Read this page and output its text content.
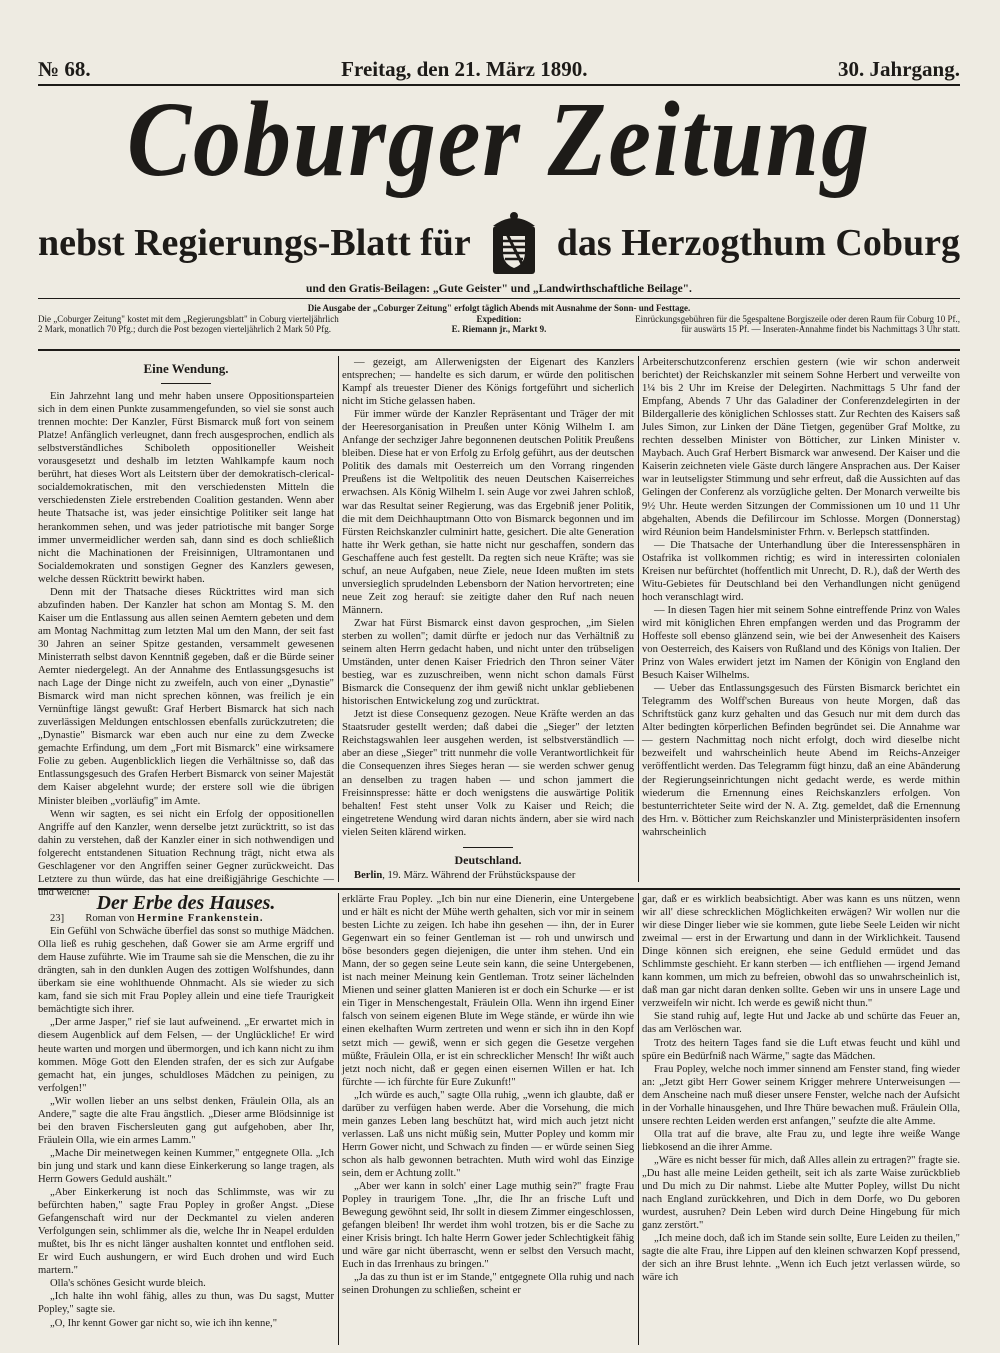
№ 68.	Freitag, den 21. März 1890.	30. Jahrgang.
Coburger Zeitung
nebst Regierungs-Blatt für das Herzogthum Coburg
und den Gratis-Beilagen: „Gute Geister" und „Landwirthschaftliche Beilage".
Die Ausgabe der „Coburger Zeitung" erfolgt täglich Abends mit Ausnahme der Sonn- und Festtage.
Die „Coburger Zeitung" kostet mit dem „Regierungsblatt" in Coburg vierteljährlich	Expedition:	Einrückungsgebühren für die 5gespaltene Borgiszeile oder deren Raum für Coburg 10 Pf.,
2 Mark, monatlich 70 Pfg.; durch die Post bezogen vierteljährlich 2 Mark 50 Pfg.	E. Riemann jr., Markt 9.	für auswärts 15 Pf. — Inseraten-Annahme findet bis Nachmittags 3 Uhr statt.
Eine Wendung.

Ein Jahrzehnt lang und mehr haben unsere Oppositionsparteien sich in dem einen Punkte zusammengefunden, so viel sie sonst auch trennen mochte: Der Kanzler, Fürst Bismarck muß fort von seinem Platze! Anfänglich verleugnet, dann frech ausgesprochen, endlich als selbstverständliches Schiboleth oppositioneller Weisheit vorausgesetzt und deshalb im letzten Wahlkampfe kaum noch berührt, hat dieses Wort als Leitstern über der demokratisch-clerical-socialdemokratischen, mit den verschiedensten Mitteln die verschiedensten Ziele erstrebenden Coalition gestanden. Wenn aber heute Thatsache ist, was jeder einsichtige Politiker seit lange hat herankommen sehen, und was jeder patriotische mit banger Sorge immer unvermeidlicher werden sah, dann sind es doch schließlich nicht die Machinationen der Freisinnigen, Ultramontanen und Socialdemokraten und sonstigen Gegner des Kanzlers gewesen, welche dessen Rücktritt bewirkt haben.

Denn mit der Thatsache dieses Rücktrittes wird man sich abzufinden haben. Der Kanzler hat schon am Montag S. M. den Kaiser um die Entlassung aus allen seinen Aemtern gebeten und dem am Montag Nachmittag zum letzten Mal um den Mann, der seit fast 30 Jahren an seiner Spitze gestanden, versammelt gewesenen Ministerrath selbst davon Kenntniß gegeben, daß er die Bürde seiner Aemter niedergelegt. An der Annahme des Entlassungsgesuchs ist nach Lage der Dinge nicht zu zweifeln, auch von einer „Dynastie" Bismarck wird man nicht sprechen können, was freilich je ein Vernünftige längst gewußt: Graf Herbert Bismarck hat sich nach zuverlässigen Meldungen entschlossen ebenfalls zurückzutreten; die „Dynastie" Bismarck war eben auch nur eine zu dem Zwecke gemachte Erfindung, um dem „Fort mit Bismarck" eine wirksamere Folie zu geben. Augenblicklich liegen die Verhältnisse so, daß das Entlassungsgesuch des Grafen Herbert Bismarck von seiner Majestät dem Kaiser abgelehnt wurde; der erstere soll wie die übrigen Minister bleiben „vorläufig" im Amte.

Wenn wir sagten, es sei nicht ein Erfolg der oppositionellen Angriffe auf den Kanzler, wenn derselbe jetzt zurücktritt, so ist das dahin zu verstehen, daß der Kanzler einer in sich nothwendigen und folgerecht entstandenen Situation Rechnung trägt, nicht etwa als Geschlagener vor den Angriffen seiner Gegner zurückweicht. Das Letztere zu thun würde, das hat eine dreißigjährige Geschichte — und welche!

— gezeigt, am Allerwenigsten der Eigenart des Kanzlers entsprechen; — handelte es sich darum, er würde den politischen Kampf als treuester Diener des Königs fortgeführt und sicherlich nicht im Stiche gelassen haben.

Für immer würde der Kanzler Repräsentant und Träger der mit der Heeresorganisation in Preußen unter König Wilhelm I. am Anfange der sechziger Jahre begonnenen deutschen Politik Preußens bleiben. Diese hat er von Erfolg zu Erfolg geführt, aus der deutschen Politik des damals mit Oesterreich um den Vorrang ringenden Preußens ist die Weltpolitik des neuen Deutschen Kaiserreiches erwachsen. Als König Wilhelm I. sein Auge vor zwei Jahren schloß, war das Resultat seiner Regierung, was das Ergebniß jener Politik, die mit dem Deichhauptmann Otto von Bismarck begonnen und im Fürsten Reichskanzler culminirt hatte, gesichert. Die alte Generation hatte ihr Werk gethan, sie hatte nicht nur geschaffen, sondern das Geschaffene auch fest gestellt. Da regten sich neue Kräfte; was sie schuf, an neue Aufgaben, neue Ziele, neue Ideen mußten im stets unversieglich sprudelnden Lebensborn der Nation hervortreten; eine neue Zeit zog herauf: sie zeitigte daher den Ruf nach neuen Männern.

Zwar hat Fürst Bismarck einst davon gesprochen, „im Sielen sterben zu wollen"; damit dürfte er jedoch nur das Verhältniß zu seinem alten Herrn gedacht haben, und nicht unter den trübseligen Umständen, unter denen Kaiser Friedrich den Thron seiner Väter bestieg, war es zuzuschreiben, wenn nicht schon damals Fürst Bismarck die Consequenz der ihm gewiß nicht unklar gebliebenen historischen Entwickelung zog und zurücktrat.

Jetzt ist diese Consequenz gezogen. Neue Kräfte werden an das Staatsruder gestellt werden; daß dabei die „Sieger" der letzten Reichstagswahlen leer ausgehen werden, ist selbstverständlich — aber an diese „Sieger" tritt nunmehr die volle Verantwortlichkeit für die Consequenzen ihres Sieges heran — sie werden schwer genug an denselben zu tragen haben — und schon jammert die Freisinnspresse: hätte er doch wenigstens die auswärtige Politik behalten! Fest steht unser Volk zu Kaiser und Reich; die eingetretene Wendung wird daran nichts ändern, aber sie wird nach vielen Seiten klärend wirken.

Deutschland.

Berlin, 19. März. Während der Frühstückspause der

Arbeiterschutzconferenz erschien gestern (wie wir schon anderweit berichtet) der Reichskanzler mit seinem Sohne Herbert und verweilte von 1¼ bis 2 Uhr im Kreise der Delegirten. Nachmittags 5 Uhr fand der Empfang, Abends 7 Uhr das Galadiner der Conferenzdelegirten in der Bildergallerie des königlichen Schlosses statt. Zur Rechten des Kaisers saß Jules Simon, zur Linken der Däne Tietgen, gegenüber Graf Moltke, zu rechten desselben Minister von Bötticher, zur Linken Minister v. Maybach. Auch Graf Herbert Bismarck war anwesend. Der Kaiser und die Kaiserin zeichneten viele Gäste durch längere Ansprachen aus. Der Kaiser war in leutseligster Stimmung und sehr erfreut, daß die Aussichten auf das Gelingen der Conferenz als vorzügliche gelten. Der Monarch verweilte bis 9½ Uhr. Heute werden Sitzungen der Commissionen um 10 und 11 Uhr abgehalten, Abends die Defilircour im Schlosse. Morgen (Donnerstag) wird Réunion beim Handelsminister Frhrn. v. Berlepsch stattfinden.

— Die Thatsache der Unterhandlung über die Interessensphären in Ostafrika ist vollkommen richtig; es wird in interessirten colonialen Kreisen nur befürchtet (hoffentlich mit Unrecht, D. R.), daß der Werth des Witu-Gebietes für Deutschland bei den Verhandlungen nicht genügend hoch veranschlagt wird.

— In diesen Tagen hier mit seinem Sohne eintreffende Prinz von Wales wird mit königlichen Ehren empfangen werden und das Programm der Hoffeste soll ebenso glänzend sein, wie bei der Anwesenheit des Kaisers von Oesterreich, des Kaisers von Rußland und des Königs von Italien. Der Prinz von Wales erwidert jetzt im Namen der Königin von England den Besuch Kaiser Wilhelms.

— Ueber das Entlassungsgesuch des Fürsten Bismarck berichtet ein Telegramm des Wolff'schen Bureaus von heute Morgen, daß das Schriftstück ganz kurz gehalten und das Gesuch nur mit dem durch das Alter bedingten körperlichen Befinden begründet sei. Die Annahme war — gestern Nachmittag noch nicht erfolgt, doch wird dieselbe nicht bezweifelt und wahrscheinlich heute Abend im Reichs-Anzeiger veröffentlicht werden. Das Telegramm fügt hinzu, daß an eine Abänderung der Regierungseinrichtungen nicht gedacht werde, es werde mithin wiederum die Ernennung eines Reichskanzlers erfolgen. Von bestunterrichteter Seite wird der N. A. Ztg. gemeldet, daß die Ernennung des Hrn. v. Bötticher zum Reichskanzler und Ministerpräsidenten insofern wahrscheinlich

Der Erbe des Hauses.

23] Roman von Hermine Frankenstein.

Ein Gefühl von Schwäche überfiel das sonst so muthige Mädchen. Olla ließ es ruhig geschehen, daß Gower sie am Arme ergriff und dem Hause zuführte. Wie im Traume sah sie die Menschen, die zu ihr drängten, sah in den dunklen Augen des zottigen Wolfshundes, dann überkam sie eine wohlthuende Ohnmacht. Als sie wieder zu sich kam, fand sie sich mit Frau Popley allein und eine tiefe Traurigkeit bemächtigte sich ihrer.

„Der arme Jasper," rief sie laut aufweinend. „Er erwartet mich in diesem Augenblick auf dem Felsen, — der Unglückliche! Er wird heute warten und morgen und übermorgen, und ich kann nicht zu ihm kommen. Möge Gott den Elenden strafen, der es sich zur Aufgabe gemacht hat, ein junges, schuldloses Mädchen zu peinigen, zu verfolgen!"

„Wir wollen lieber an uns selbst denken, Fräulein Olla, als an Andere," sagte die alte Frau ängstlich. „Dieser arme Blödsinnige ist bei den braven Fischersleuten gang gut aufgehoben, aber Ihr, Fräulein Olla, wie ein armes Lamm."

„Mache Dir meinetwegen keinen Kummer," entgegnete Olla. „Ich bin jung und stark und kann diese Einkerkerung so lange tragen, als Herrn Gowers Geduld aushält."

„Aber Einkerkerung ist noch das Schlimmste, was wir zu befürchten haben," sagte Frau Popley in großer Angst. „Diese Gefangenschaft wird nur der Deckmantel zu vielen anderen Verfolgungen sein, schlimmer als die, welche Ihr in Neapel erdulden mußtet, bis Ihr es nicht länger aushalten konntet und entflohen seid. Er wird Euch aushungern, er wird Euch drohen und wird Euch martern."

Olla's schönes Gesicht wurde bleich.

„Ich halte ihn wohl fähig, alles zu thun, was Du sagst, Mutter Popley," sagte sie.

„O, Ihr kennt Gower gar nicht so, wie ich ihn kenne,"

erklärte Frau Popley. „Ich bin nur eine Dienerin, eine Untergebene und er hält es nicht der Mühe werth gehalten, sich vor mir in seinem besten Lichte zu zeigen. Ich habe ihn gesehen — ihn, der in Eurer Gegenwart ein so feiner Gentleman ist — roh und unwirsch und böse besonders gegen diejenigen, die unter ihm stehen. Und ein Mann, der so gegen seine Leute sein kann, die seine Untergebenen, ist nach meiner Meinung kein Gentleman. Trotz seiner lächelnden Mienen und seiner glatten Manieren ist er doch ein Schurke — er ist ein Tiger in Menschengestalt, Fräulein Olla. Wenn ihn irgend Einer falsch von seinem eigenen Blute im Wege stände, er würde ihn wie einen ekelhaften Wurm zertreten und wenn er sich ihn in den Kopf setzt mich — gewiß, wenn er sich gegen die Gesetze vergehen müßte, Fräulein Olla, er ist ein schrecklicher Mensch! Ihr wißt auch jetzt noch nicht, daß er gegen einen eisernen Willen er hat. Ich fürchte — ich fürchte für Eure Zukunft!"

„Ich würde es auch," sagte Olla ruhig, „wenn ich glaubte, daß er darüber zu verfügen haben werde. Aber die Vorsehung, die mich mein ganzes Leben lang beschützt hat, wird mich auch jetzt nicht verlassen. Laß uns nicht müßig sein, Mutter Popley und komm mir Herrn Gower nicht, und Schwach zu finden — er würde seinen Sieg schon als halb gewonnen betrachten. Muth wird wohl das Einzige sein, dem er Achtung zollt."

„Aber wer kann in solch' einer Lage muthig sein?" fragte Frau Popley in traurigem Tone. „Ihr, die Ihr an frische Luft und Bewegung gewöhnt seid, Ihr sollt in diesem Zimmer eingeschlossen, gefangen bleiben! Ihr werdet ihm wohl trotzen, bis er die Sache zu einer Krisis bringt. Ich halte Herrn Gower jeder Schlechtigkeit fähig und wäre gar nicht überrascht, wenn er selbst den Versuch macht, Euch in das Irrenhaus zu bringen."

„Ja das zu thun ist er im Stande," entgegnete Olla ruhig und nach seinen Drohungen zu schließen, scheint er

gar, daß er es wirklich beabsichtigt. Aber was kann es uns nützen, wenn wir all' diese schrecklichen Möglichkeiten erwägen? Wir wollen nur die wir diese Dinger lieber wie sie kommen, gute liebe Seele Leiden wir nicht zweimal — erst in der Erwartung und dann in der Wirklichkeit. Tausend Dinge können sich ereignen, ehe seine Geduld ermüdet und das Schlimmste geschieht. Er kann sterben — ich entfliehen — irgend Jemand kann kommen, um mich zu befreien, obwohl das so unwahrscheinlich ist, daß man gar nicht daran denken sollte. Geben wir uns in unsere Lage und verzweifeln wir nicht. Ich werde es gewiß nicht thun."

Sie stand ruhig auf, legte Hut und Jacke ab und schürte das Feuer an, das am Verlöschen war.

Trotz des heitern Tages fand sie die Luft etwas feucht und kühl und spüre ein Bedürfniß nach Wärme," sagte das Mädchen.

Frau Popley, welche noch immer sinnend am Fenster stand, fing wieder an: „Jetzt gibt Herr Gower seinem Krigger mehrere Unterweisungen — dem Anscheine nach muß dieser unsere Fenster, welche nach der Aufsicht in der Vorhalle hinausgehen, und Ihre Thüre bewachen muß. Fräulein Olla, unsere rechten Leiden werden erst anfangen," seufzte die alte Amme.

Olla trat auf die brave, alte Frau zu, und legte ihre weiße Wange liebkosend an die ihrer Amme.

„Wäre es nicht besser für mich, daß Alles allein zu ertragen?" fragte sie. „Du hast alle meine Leiden getheilt, seit ich als zarte Waise zurückblieb und Du mich zu Dir nahmst. Liebe alte Mutter Popley, willst Du nicht nach England zurückkehren, und Dich in dem Dorfe, wo Du geboren wurdest, ausruhen? Dein Leben wird durch Deine Hingebung für mich ganz zerstört."

„Ich meine doch, daß ich im Stande sein sollte, Eure Leiden zu theilen," sagte die alte Frau, ihre Lippen auf den kleinen schwarzen Kopf pressend, der sich an ihre Brust lehnte. „Wenn ich Euch jetzt verlassen würde, so wäre ich
